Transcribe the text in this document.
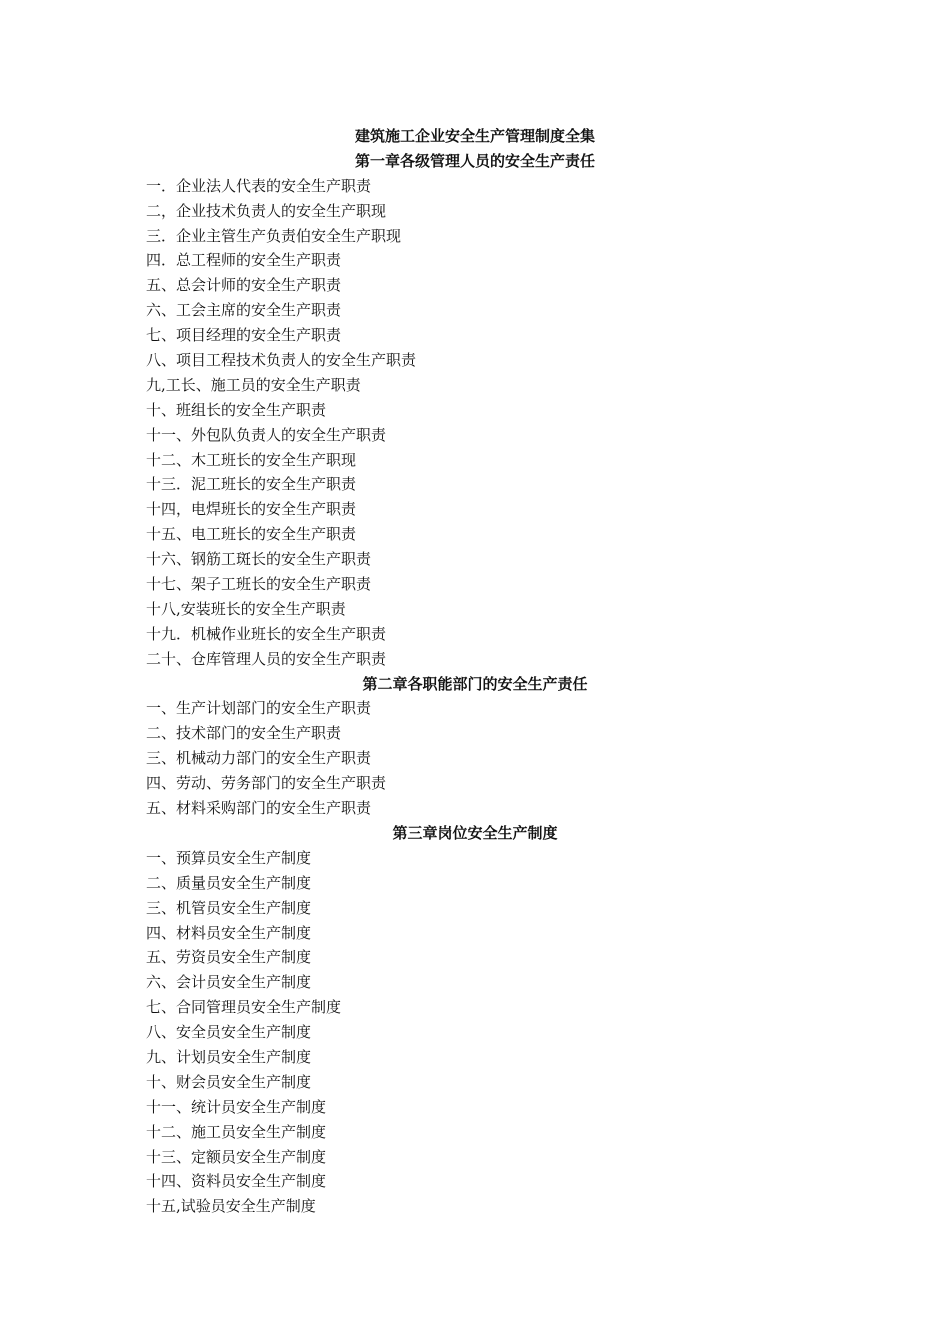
建筑施工企业安全生产管理制度全集
第一章各级管理人员的安全生产责任
一．企业法人代表的安全生产职责
二，企业技术负责人的安全生产职现
三．企业主管生产负责伯安全生产职现
四．总工程师的安全生产职责
五、总会计师的安全生产职责
六、工会主席的安全生产职责
七、项目经理的安全生产职责
八、项目工程技术负责人的安全生产职责
九,工长、施工员的安全生产职责
十、班组长的安全生产职责
十一、外包队负责人的安全生产职责
十二、木工班长的安全生产职现
十三．泥工班长的安全生产职责
十四，电焊班长的安全生产职责
十五、电工班长的安全生产职责
十六、钢筋工斑长的安全生产职责
十七、架子工班长的安全生产职责
十八,安装班长的安全生产职责
十九．机械作业班长的安全生产职责
二十、仓库管理人员的安全生产职责
第二章各职能部门的安全生产责任
一、生产计划部门的安全生产职责
二、技术部门的安全生产职责
三、机械动力部门的安全生产职责
四、劳动、劳务部门的安全生产职责
五、材料采购部门的安全生产职责
第三章岗位安全生产制度
一、预算员安全生产制度
二、质量员安全生产制度
三、机管员安全生产制度
四、材料员安全生产制度
五、劳资员安全生产制度
六、会计员安全生产制度
七、合同管理员安全生产制度
八、安全员安全生产制度
九、计划员安全生产制度
十、财会员安全生产制度
十一、统计员安全生产制度
十二、施工员安全生产制度
十三、定额员安全生产制度
十四、资料员安全生产制度
十五,试验员安全生产制度
